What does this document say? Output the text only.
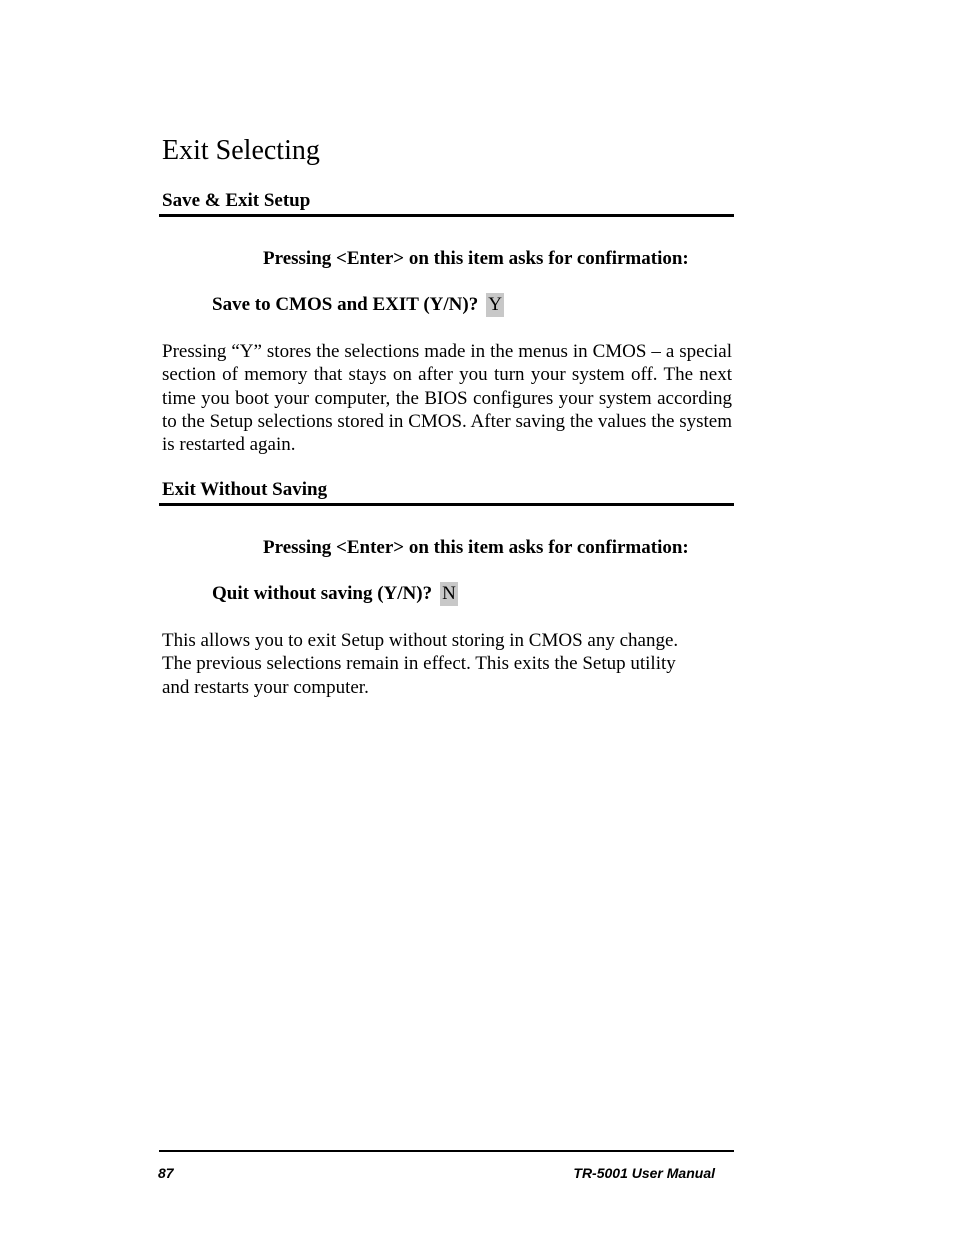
Exit Selecting
Save & Exit Setup
Pressing <Enter> on this item asks for confirmation:
Save to CMOS and EXIT (Y/N)? Y

Pressing “Y” stores the selections made in the menus in CMOS – a special section of memory that stays on after you turn your system off. The next time you boot your computer, the BIOS configures your system according to the Setup selections stored in CMOS. After saving the values the system is restarted again.

Exit Without Saving
Pressing <Enter> on this item asks for confirmation:
Quit without saving (Y/N)? N
This allows you to exit Setup without storing in CMOS any change.
The previous selections remain in effect. This exits the Setup utility
and restarts your computer.
87	TR-5001 User Manual
